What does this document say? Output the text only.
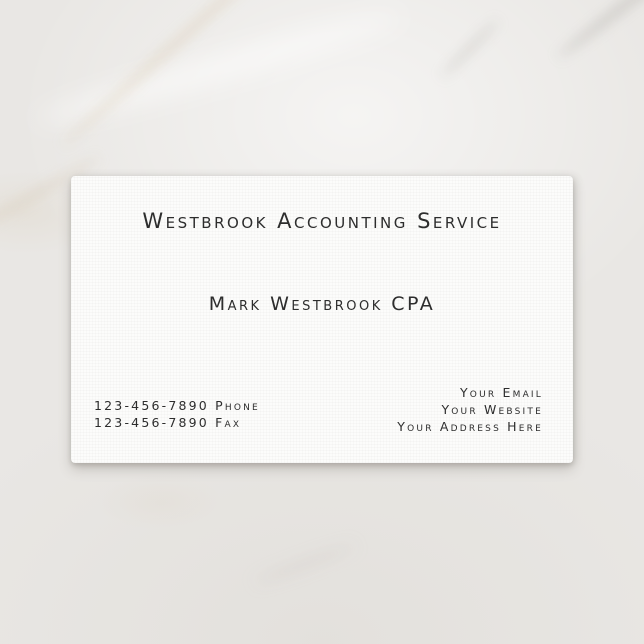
Westbrook Accounting Service
Mark Westbrook CPA
123-456-7890 Phone
123-456-7890 Fax
Your Email
Your Website
Your Address Here
